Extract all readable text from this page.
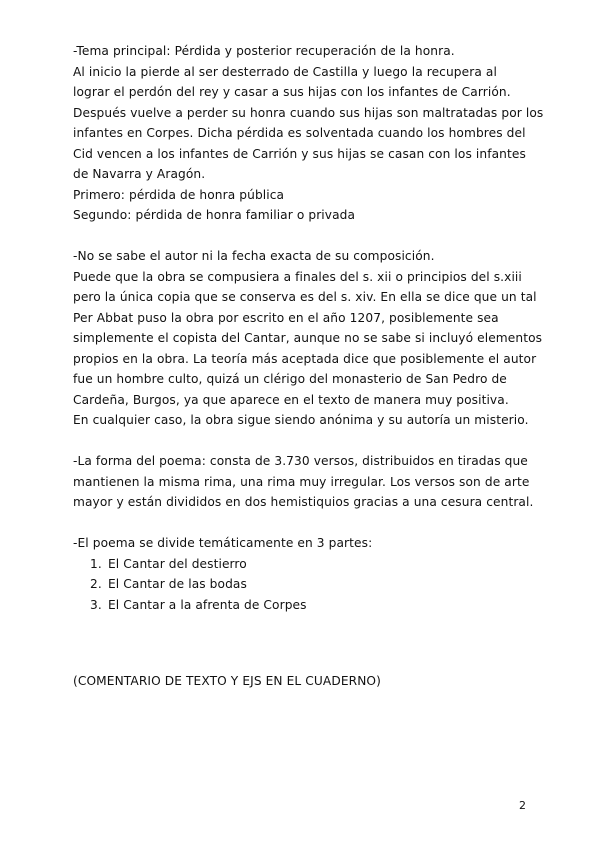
-Tema principal: Pérdida y posterior recuperación de la honra.
Al inicio la pierde al ser desterrado de Castilla y luego la recupera al
lograr el perdón del rey y casar a sus hijas con los infantes de Carrión.
Después vuelve a perder su honra cuando sus hijas son maltratadas por los
infantes en Corpes. Dicha pérdida es solventada cuando los hombres del
Cid vencen a los infantes de Carrión y sus hijas se casan con los infantes
de Navarra y Aragón.
Primero: pérdida de honra pública
Segundo: pérdida de honra familiar o privada
-No se sabe el autor ni la fecha exacta de su composición.
Puede que la obra se compusiera a finales del s. xii o principios del s.xiii
pero la única copia que se conserva es del s. xiv. En ella se dice que un tal
Per Abbat puso la obra por escrito en el año 1207, posiblemente sea
simplemente el copista del Cantar, aunque no se sabe si incluyó elementos
propios en la obra. La teoría más aceptada dice que posiblemente el autor
fue un hombre culto, quizá un clérigo del monasterio de San Pedro de
Cardeña, Burgos, ya que aparece en el texto de manera muy positiva.
En cualquier caso, la obra sigue siendo anónima y su autoría un misterio.
-La forma del poema: consta de 3.730 versos, distribuidos en tiradas que
mantienen la misma rima, una rima muy irregular. Los versos son de arte
mayor y están divididos en dos hemistiquios gracias a una cesura central.
-El poema se divide temáticamente en 3 partes:
1. El Cantar del destierro
2. El Cantar de las bodas
3. El Cantar a la afrenta de Corpes
(COMENTARIO DE TEXTO Y EJS EN EL CUADERNO)
2
